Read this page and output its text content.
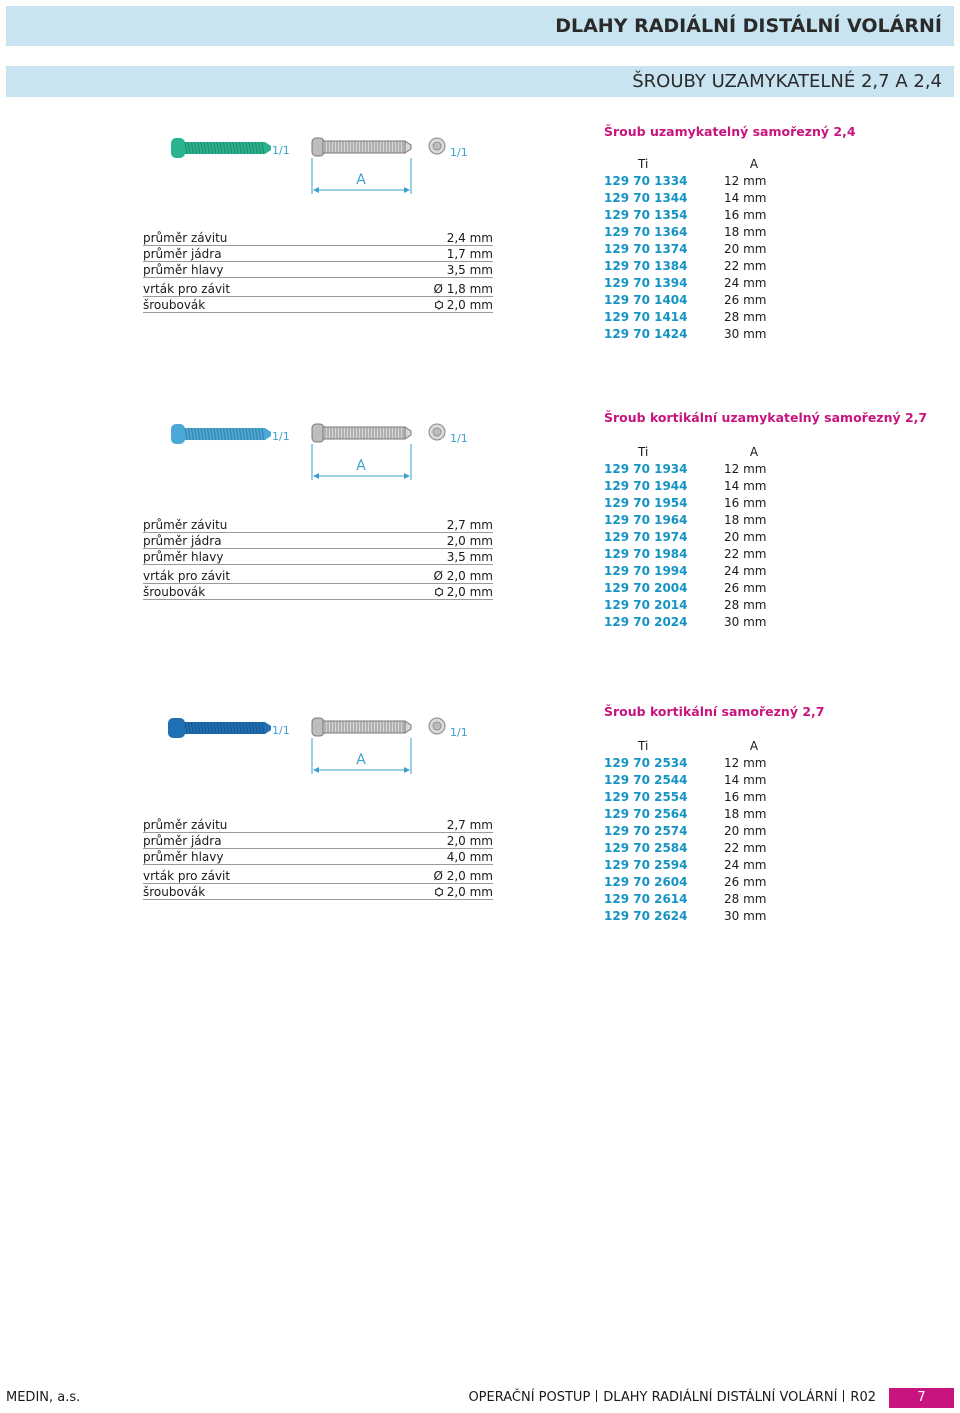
DLAHY RADIÁLNÍ DISTÁLNÍ VOLÁRNÍ
ŠROUBY UZAMYKATELNÉ 2,7 A 2,4
1/1
A
1/1
průměr závitu	2,4 mm
průměr jádra	1,7 mm
průměr hlavy	3,5 mm
vrták pro závit	Ø 1,8 mm
šroubovák	2,0 mm
Šroub uzamykatelný samořezný 2,4
Ti	A
129 70 1334	12 mm
129 70 1344	14 mm
129 70 1354	16 mm
129 70 1364	18 mm
129 70 1374	20 mm
129 70 1384	22 mm
129 70 1394	24 mm
129 70 1404	26 mm
129 70 1414	28 mm
129 70 1424	30 mm
1/1
A
1/1
průměr závitu	2,7 mm
průměr jádra	2,0 mm
průměr hlavy	3,5 mm
vrták pro závit	Ø 2,0 mm
šroubovák	2,0 mm
Šroub kortikální uzamykatelný samořezný 2,7
Ti	A
129 70 1934	12 mm
129 70 1944	14 mm
129 70 1954	16 mm
129 70 1964	18 mm
129 70 1974	20 mm
129 70 1984	22 mm
129 70 1994	24 mm
129 70 2004	26 mm
129 70 2014	28 mm
129 70 2024	30 mm
1/1
A
1/1
průměr závitu	2,7 mm
průměr jádra	2,0 mm
průměr hlavy	4,0 mm
vrták pro závit	Ø 2,0 mm
šroubovák	2,0 mm
Šroub kortikální samořezný 2,7
Ti	A
129 70 2534	12 mm
129 70 2544	14 mm
129 70 2554	16 mm
129 70 2564	18 mm
129 70 2574	20 mm
129 70 2584	22 mm
129 70 2594	24 mm
129 70 2604	26 mm
129 70 2614	28 mm
129 70 2624	30 mm
MEDIN, a.s.	OPERAČNÍ POSTUP DLAHY RADIÁLNÍ DISTÁLNÍ VOLÁRNÍ R02	7
